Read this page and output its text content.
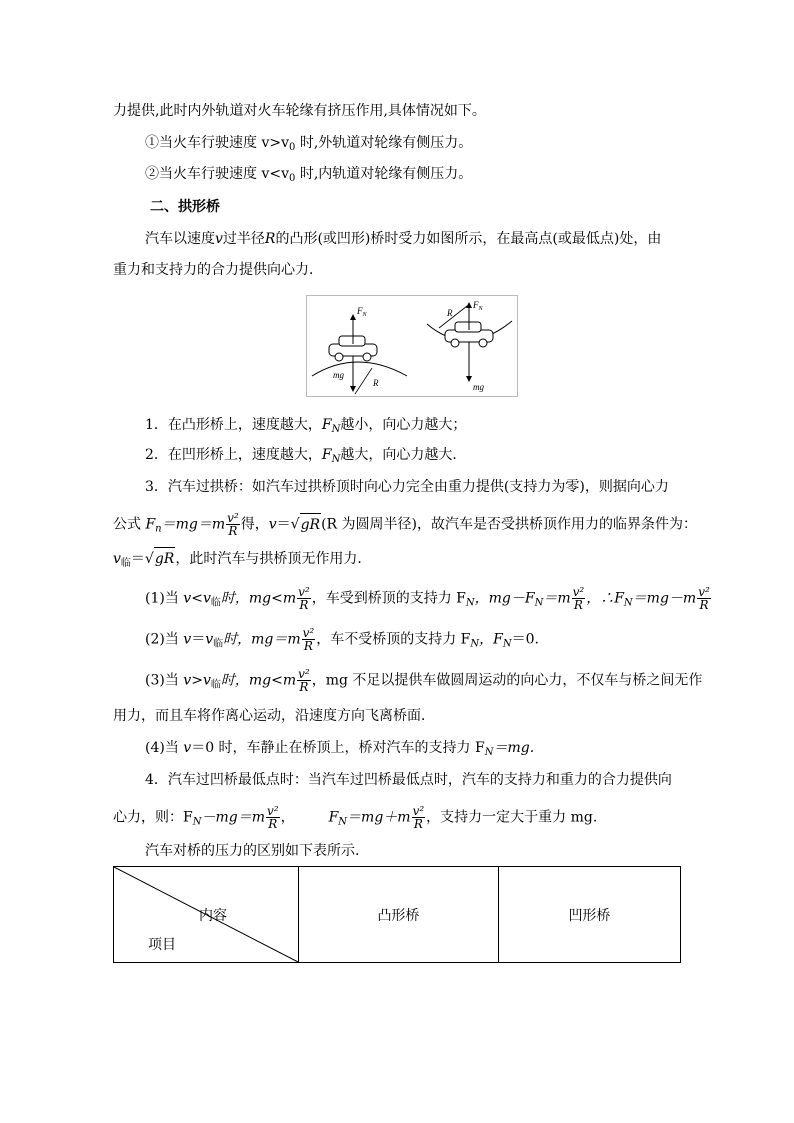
力提供,此时内外轨道对火车轮缘有挤压作用,具体情况如下。
①当火车行驶速度 $v>v_0$ 时,外轨道对轮缘有侧压力。
②当火车行驶速度 $v<v_0$ 时,内轨道对轮缘有侧压力。
二、拱形桥
汽车以速度v过半径R的凸形(或凹形)桥时受力如图所示，在最高点(或最低点)处，由
重力和支持力的合力提供向心力．
$F_N$
mg
R
$F_N$
R
mg
1．在凸形桥上，速度越大，$F_N$越小，向心力越大；
2．在凹形桥上，速度越大，$F_N$越大，向心力越大．
3．汽车过拱桥：如汽车过拱桥顶时向心力完全由重力提供(支持力为零)，则据向心力
公式 $F_n=mg=m \frac{\text{v²}}{R}$ 得，v＝√gR(R 为圆周半径)，故汽车是否受拱桥顶作用力的临界条件为：
$v_临=√gR$，此时汽车与拱桥顶无作用力．
(1)当 $v<v_临$时，$mg<m \frac{\text{v²}}{R}$ ，车受到桥顶的支持力 $F_N$，$mg-F_N=m \frac{\text{v²}}{R}$ ，$\therefore F_N=mg-m \frac{\text{v²}}{R}$
(2)当 $v=v_临$时，$mg=m \frac{\text{v²}}{R}$ ，车不受桥顶的支持力 $F_N$，$F_N=0$.
(3)当 $v>v_临$时，$mg<m \frac{\text{v²}}{R}$ ，mg 不足以提供车做圆周运动的向心力，不仅车与桥之间无作
用力，而且车将作离心运动，沿速度方向飞离桥面．
(4)当 v＝0 时，车静止在桥顶上，桥对汽车的支持力 $F_N=mg$.
4．汽车过凹桥最低点时：当汽车过凹桥最低点时，汽车的支持力和重力的合力提供向
心力，则：$F_N-mg=m \frac{\text{v²}}{R}$ ， $F_N=mg+m \frac{\text{v²}}{R}$ ，支持力一定大于重力 mg.
汽车对桥的压力的区别如下表所示.
内容
项目
	凸形桥	凹形桥
